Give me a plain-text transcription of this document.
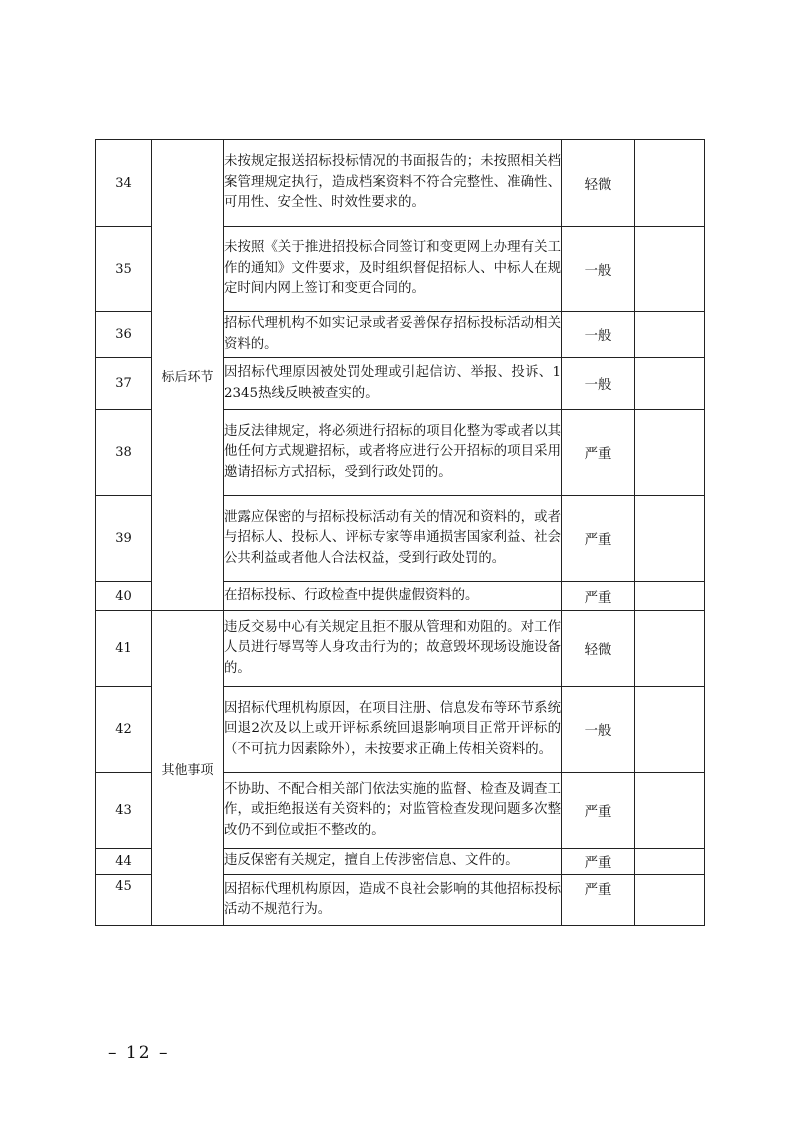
34	标后环节	未按规定报送招标投标情况的书面报告的；未按照相关档案管理规定执行，造成档案资料不符合完整性、准确性、可用性、安全性、时效性要求的。	轻微	
35		未按照《关于推进招投标合同签订和变更网上办理有关工作的通知》文件要求，及时组织督促招标人、中标人在规定时间内网上签订和变更合同的。	一般	
36		招标代理机构不如实记录或者妥善保存招标投标活动相关资料的。	一般	
37		因招标代理原因被处罚处理或引起信访、举报、投诉、12345热线反映被查实的。	一般	
38		违反法律规定，将必须进行招标的项目化整为零或者以其他任何方式规避招标，或者将应进行公开招标的项目采用邀请招标方式招标，受到行政处罚的。	严重	
39		泄露应保密的与招标投标活动有关的情况和资料的，或者与招标人、投标人、评标专家等串通损害国家利益、社会公共利益或者他人合法权益，受到行政处罚的。	严重	
40		在招标投标、行政检查中提供虚假资料的。	严重	
41	其他事项	违反交易中心有关规定且拒不服从管理和劝阻的。对工作人员进行辱骂等人身攻击行为的；故意毁坏现场设施设备的。	轻微	
42		因招标代理机构原因，在项目注册、信息发布等环节系统回退2次及以上或开评标系统回退影响项目正常开评标的（不可抗力因素除外），未按要求正确上传相关资料的。	一般	
43		不协助、不配合相关部门依法实施的监督、检查及调查工作，或拒绝报送有关资料的；对监管检查发现问题多次整改仍不到位或拒不整改的。	严重	
44		违反保密有关规定，擅自上传涉密信息、文件的。	严重	
45		因招标代理机构原因，造成不良社会影响的其他招标投标活动不规范行为。	严重	
– 12 –
